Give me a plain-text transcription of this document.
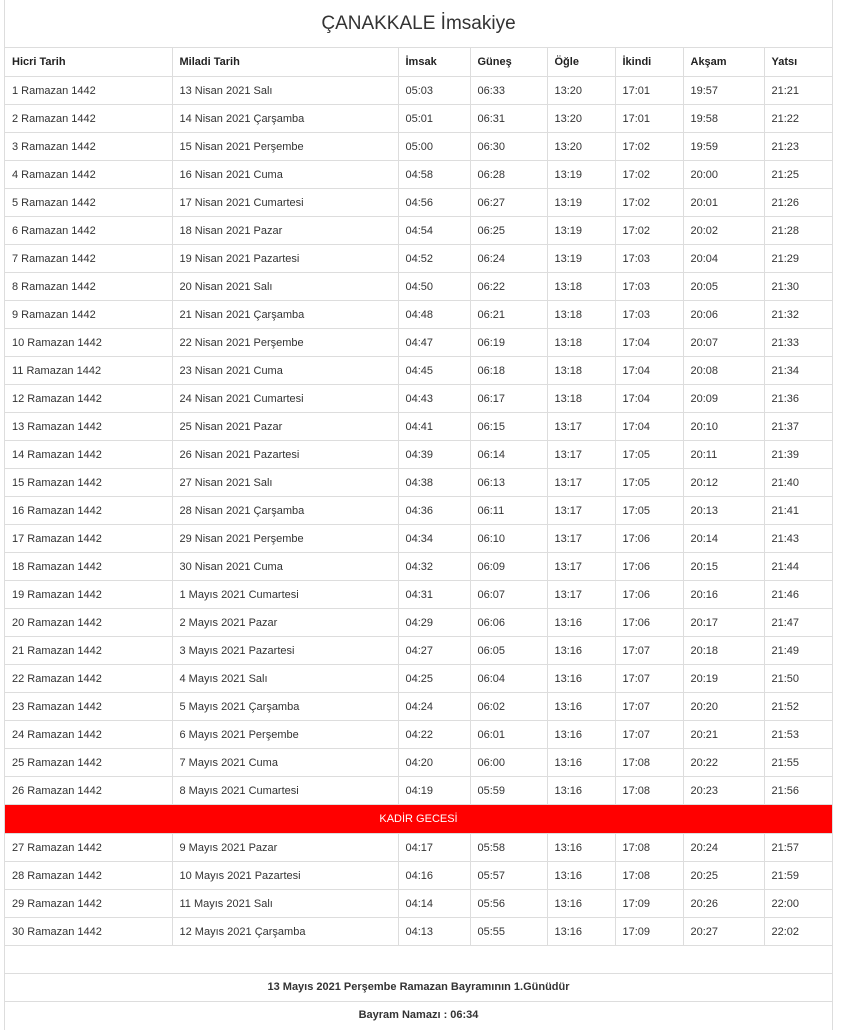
ÇANAKKALE İmsakiye
Hicri Tarih	Miladi Tarih	İmsak	Güneş	Öğle	İkindi	Akşam	Yatsı
1 Ramazan 1442	13 Nisan 2021 Salı	05:03	06:33	13:20	17:01	19:57	21:21
2 Ramazan 1442	14 Nisan 2021 Çarşamba	05:01	06:31	13:20	17:01	19:58	21:22
3 Ramazan 1442	15 Nisan 2021 Perşembe	05:00	06:30	13:20	17:02	19:59	21:23
4 Ramazan 1442	16 Nisan 2021 Cuma	04:58	06:28	13:19	17:02	20:00	21:25
5 Ramazan 1442	17 Nisan 2021 Cumartesi	04:56	06:27	13:19	17:02	20:01	21:26
6 Ramazan 1442	18 Nisan 2021 Pazar	04:54	06:25	13:19	17:02	20:02	21:28
7 Ramazan 1442	19 Nisan 2021 Pazartesi	04:52	06:24	13:19	17:03	20:04	21:29
8 Ramazan 1442	20 Nisan 2021 Salı	04:50	06:22	13:18	17:03	20:05	21:30
9 Ramazan 1442	21 Nisan 2021 Çarşamba	04:48	06:21	13:18	17:03	20:06	21:32
10 Ramazan 1442	22 Nisan 2021 Perşembe	04:47	06:19	13:18	17:04	20:07	21:33
11 Ramazan 1442	23 Nisan 2021 Cuma	04:45	06:18	13:18	17:04	20:08	21:34
12 Ramazan 1442	24 Nisan 2021 Cumartesi	04:43	06:17	13:18	17:04	20:09	21:36
13 Ramazan 1442	25 Nisan 2021 Pazar	04:41	06:15	13:17	17:04	20:10	21:37
14 Ramazan 1442	26 Nisan 2021 Pazartesi	04:39	06:14	13:17	17:05	20:11	21:39
15 Ramazan 1442	27 Nisan 2021 Salı	04:38	06:13	13:17	17:05	20:12	21:40
16 Ramazan 1442	28 Nisan 2021 Çarşamba	04:36	06:11	13:17	17:05	20:13	21:41
17 Ramazan 1442	29 Nisan 2021 Perşembe	04:34	06:10	13:17	17:06	20:14	21:43
18 Ramazan 1442	30 Nisan 2021 Cuma	04:32	06:09	13:17	17:06	20:15	21:44
19 Ramazan 1442	1 Mayıs 2021 Cumartesi	04:31	06:07	13:17	17:06	20:16	21:46
20 Ramazan 1442	2 Mayıs 2021 Pazar	04:29	06:06	13:16	17:06	20:17	21:47
21 Ramazan 1442	3 Mayıs 2021 Pazartesi	04:27	06:05	13:16	17:07	20:18	21:49
22 Ramazan 1442	4 Mayıs 2021 Salı	04:25	06:04	13:16	17:07	20:19	21:50
23 Ramazan 1442	5 Mayıs 2021 Çarşamba	04:24	06:02	13:16	17:07	20:20	21:52
24 Ramazan 1442	6 Mayıs 2021 Perşembe	04:22	06:01	13:16	17:07	20:21	21:53
25 Ramazan 1442	7 Mayıs 2021 Cuma	04:20	06:00	13:16	17:08	20:22	21:55
26 Ramazan 1442	8 Mayıs 2021 Cumartesi	04:19	05:59	13:16	17:08	20:23	21:56
KADİR GECESİ							
27 Ramazan 1442	9 Mayıs 2021 Pazar	04:17	05:58	13:16	17:08	20:24	21:57
28 Ramazan 1442	10 Mayıs 2021 Pazartesi	04:16	05:57	13:16	17:08	20:25	21:59
29 Ramazan 1442	11 Mayıs 2021 Salı	04:14	05:56	13:16	17:09	20:26	22:00
30 Ramazan 1442	12 Mayıs 2021 Çarşamba	04:13	05:55	13:16	17:09	20:27	22:02
13 Mayıs 2021 Perşembe Ramazan Bayramının 1.Günüdür
Bayram Namazı : 06:34
